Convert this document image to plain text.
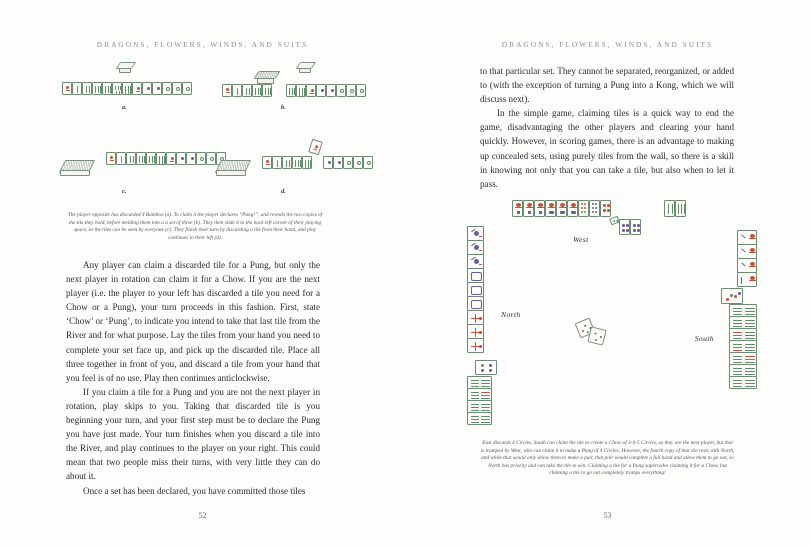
DRAGONS, FLOWERS, WINDS, AND SUITS
a.	b.
c.	d.
The player opposite has discarded 4 Bamboo (a). To claim it the player declares “Pung!”, and reveals the two copies of the tile they hold, before melding them into a a set of three (b). They then slide it to the back left corner of their playing space, so the tiles can be seen by everyone (c). They finish their turn by discarding a tile from their hand, and play continues to their left (d).

Any player can claim a discarded tile for a Pung, but only the next player in rotation can claim it for a Chow. If you are the next player (i.e. the player to your left has discarded a tile you need for a Chow or a Pung), your turn proceeds in this fashion. First, state ‘Chow’ or ‘Pung’, to indicate you intend to take that last tile from the River and for what purpose. Lay the tiles from your hand you need to complete your set face up, and pick up the discarded tile. Place all three together in front of you, and discard a tile from your hand that you feel is of no use. Play then continues anticlockwise.

If you claim a tile for a Pung and you are not the next player in rotation, play skips to you. Taking that discarded tile is you beginning your turn, and your first step must be to declare the Pung you have just made. Your turn finishes when you discard a tile into the River, and play continues to the player on your right. This could mean that two people miss their turns, with very little they can do about it.

Once a set has been declared, you have committed those tiles

52
DRAGONS, FLOWERS, WINDS, AND SUITS

to that particular set. They cannot be separated, reorganized, or added to (with the exception of turning a Pung into a Kong, which we will discuss next).

In the simple game, claiming tiles is a quick way to end the game, disadvantaging the other players and clearing your hand quickly. However, in scoring games, there is an advantage to making up concealed sets, using purely tiles from the wall, so there is a skill in knowing not only that you can take a tile, but also when to let it pass.

West
North
South
East discards 4 Circles. South can claim the tile to create a Chow of 3-4-5 Circles, as they are the next player, but that is trumped by West, who can claim it to make a Pung of 4 Circles. However, the fourth copy of that tile rests with North, and while that would only allow them to make a pair, that pair would complete a full hand and allow them to go out, so North has priority and can take the tile to win. Claiming a tile for a Pung supercedes claiming it for a Chow, but claiming a tile to go out completely trumps everything!
53
